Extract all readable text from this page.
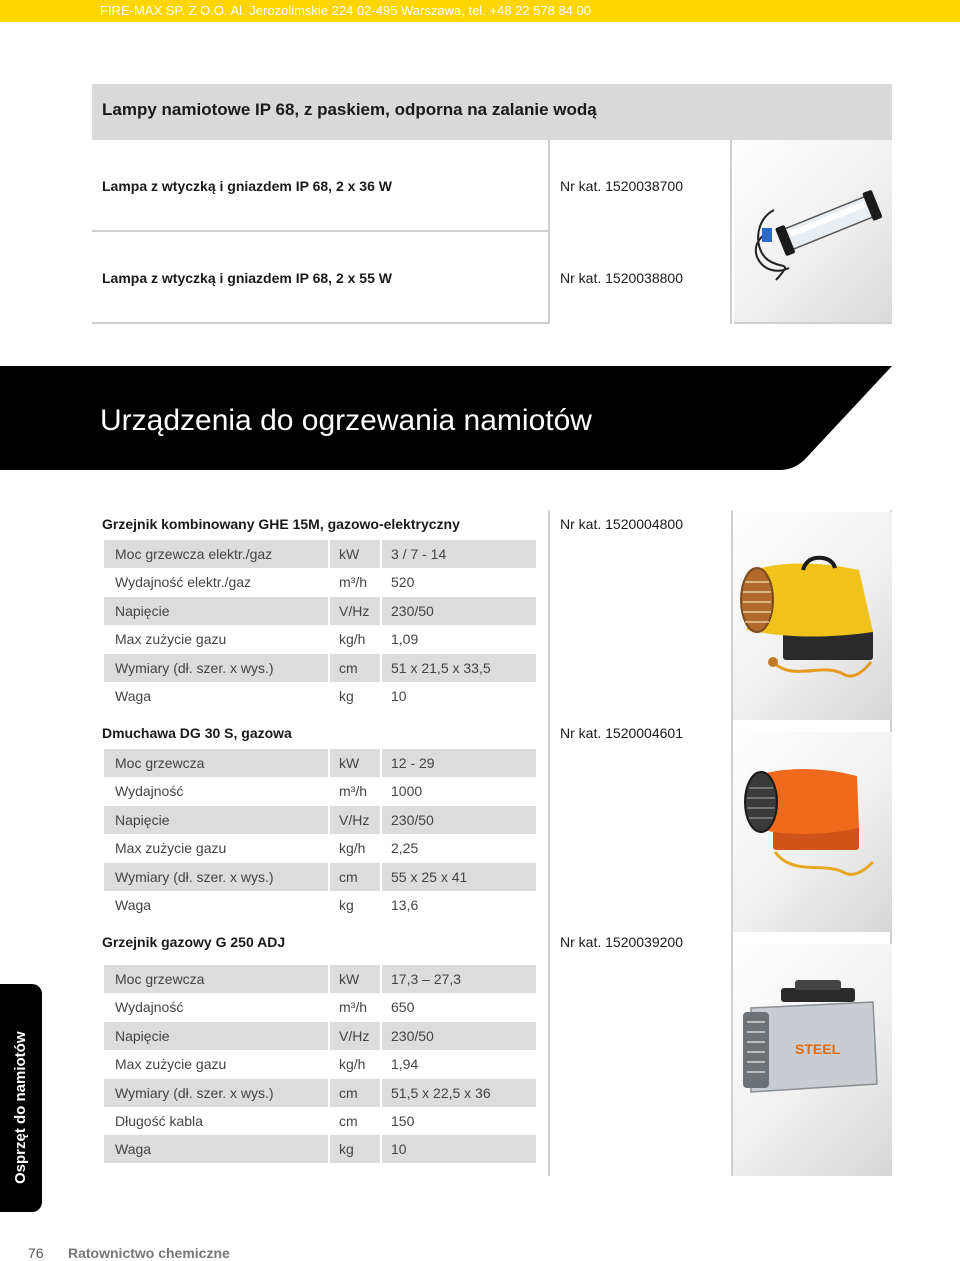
FIRE-MAX SP. Z O.O. Al. Jerozolimskie 224 02-495 Warszawa, tel. +48 22 578 84 00
Lampy namiotowe IP 68, z paskiem, odporna na zalanie wodą
Lampa z wtyczką i gniazdem IP 68, 2 x 36 W	Nr kat. 1520038700
Lampa z wtyczką i gniazdem IP 68, 2 x 55 W	Nr kat. 1520038800
Urządzenia do ogrzewania namiotów
Grzejnik kombinowany GHE 15M, gazowo-elektryczny	Nr kat. 1520004800
Moc grzewcza elektr./gaz	kW 3 / 7 - 14
Wydajność elektr./gaz	m³/h 520
Napięcie	V/Hz 230/50
Max zużycie gazu	kg/h 1,09
Wymiary (dł. szer. x wys.)	cm 51 x 21,5 x 33,5
Waga	kg	10
Dmuchawa DG 30 S, gazowa	Nr kat. 1520004601
Moc grzewcza	kW 12 - 29
Wydajność	m³/h 1000
Napięcie	V/Hz 230/50
Max zużycie gazu	kg/h 2,25
Wymiary (dł. szer. x wys.)	cm 55 x 25 x 41
Waga	kg	13,6
Grzejnik gazowy G 250 ADJ	Nr kat. 1520039200
Moc grzewcza	kW 17,3 – 27,3
Wydajność	m³/h 650
Napięcie	V/Hz 230/50
Max zużycie gazu	kg/h 1,94
Wymiary (dł. szer. x wys.)	cm 51,5 x 22,5 x 36
Długość kabla	cm 150
Waga	kg	10
STEEL
Osprzęt do namiotów
76 Ratownictwo chemiczne
